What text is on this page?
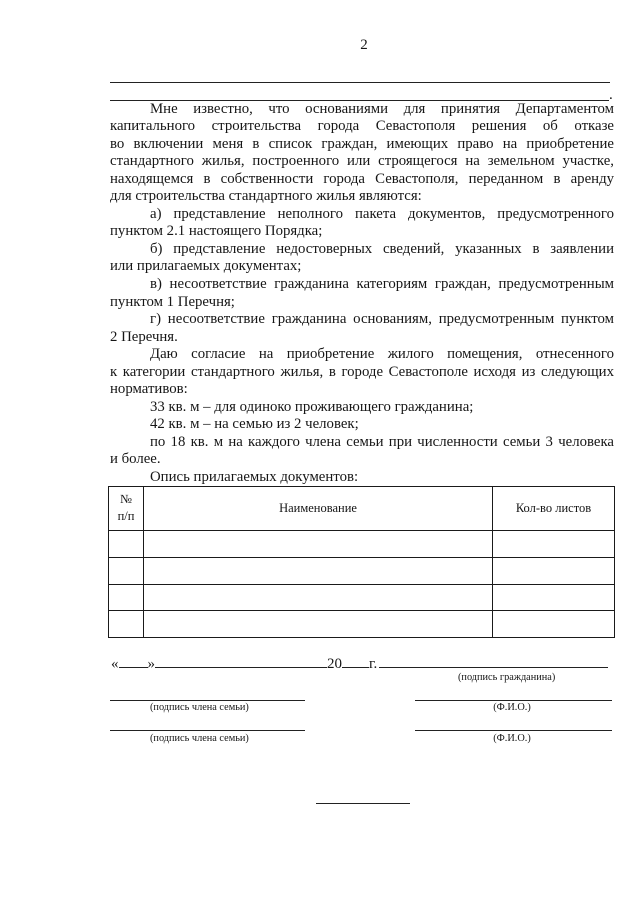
2
.
Мне известно, что основаниями для принятия Департаментом
капитального строительства города Севастополя решения об отказе
во включении меня в список граждан, имеющих право на приобретение
стандартного жилья, построенного или строящегося на земельном участке,
находящемся в собственности города Севастополя, переданном в аренду
для строительства стандартного жилья являются:
а) представление неполного пакета документов, предусмотренного
пунктом 2.1 настоящего Порядка;
б) представление недостоверных сведений, указанных в заявлении
или прилагаемых документах;
в) несоответствие гражданина категориям граждан, предусмотренным
пунктом 1 Перечня;
г) несоответствие гражданина основаниям, предусмотренным пунктом
2 Перечня.
Даю согласие на приобретение жилого помещения, отнесенного
к категории стандартного жилья, в городе Севастополе исходя из следующих
нормативов:
33 кв. м – для одиноко проживающего гражданина;
42 кв. м – на семью из 2 человек;
по 18 кв. м на каждого члена семьи при численности семьи 3 человека
и более.
Опись прилагаемых документов:
№
п/п	Наименование	Кол-во листов

« »	20 г.
(подпись гражданина)
(подпись члена семьи)	(Ф.И.О.)
(подпись члена семьи)	(Ф.И.О.)
